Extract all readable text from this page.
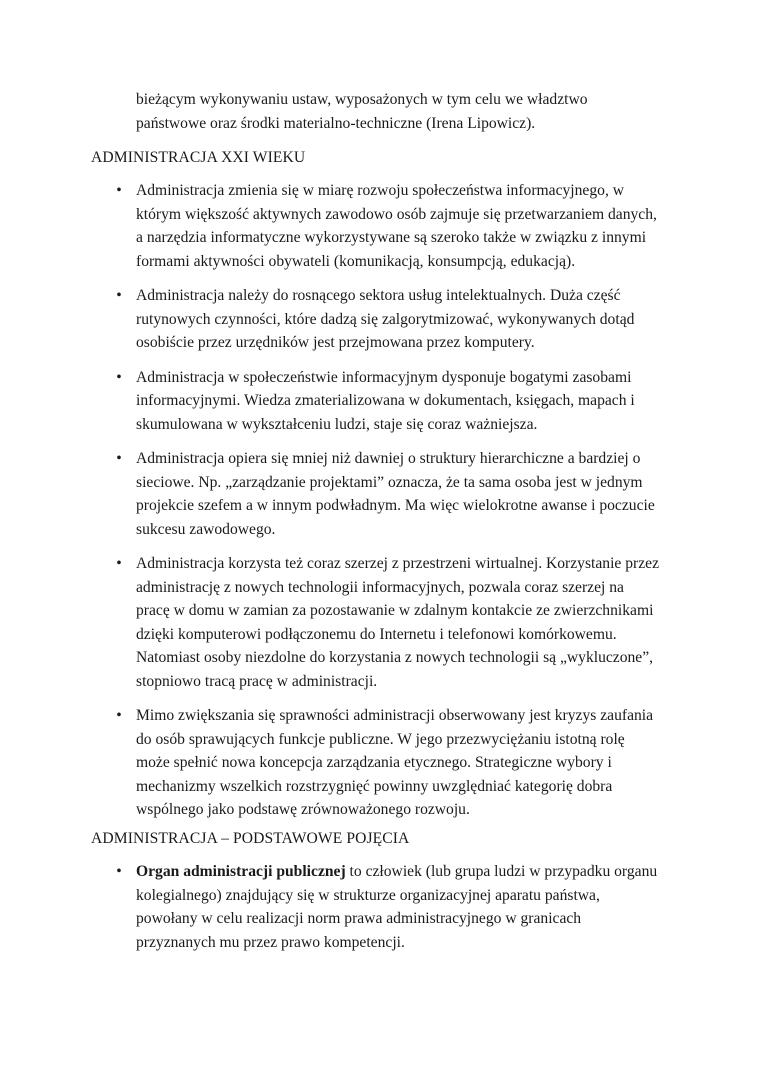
bieżącym wykonywaniu ustaw, wyposażonych w tym celu we władztwo państwowe oraz środki materialno-techniczne (Irena Lipowicz).

ADMINISTRACJA XXI WIEKU
• Administracja zmienia się w miarę rozwoju społeczeństwa informacyjnego, w którym większość aktywnych zawodowo osób zajmuje się przetwarzaniem danych, a narzędzia informatyczne wykorzystywane są szeroko także w związku z innymi formami aktywności obywateli (komunikacją, konsumpcją, edukacją).
• Administracja należy do rosnącego sektora usług intelektualnych. Duża część rutynowych czynności, które dadzą się zalgorytmizować, wykonywanych dotąd osobiście przez urzędników jest przejmowana przez komputery.
• Administracja w społeczeństwie informacyjnym dysponuje bogatymi zasobami informacyjnymi. Wiedza zmaterializowana w dokumentach, księgach, mapach i skumulowana w wykształceniu ludzi, staje się coraz ważniejsza.
• Administracja opiera się mniej niż dawniej o struktury hierarchiczne a bardziej o sieciowe. Np. „zarządzanie projektami” oznacza, że ta sama osoba jest w jednym projekcie szefem a w innym podwładnym. Ma więc wielokrotne awanse i poczucie sukcesu zawodowego.
• Administracja korzysta też coraz szerzej z przestrzeni wirtualnej. Korzystanie przez administrację z nowych technologii informacyjnych, pozwala coraz szerzej na pracę w domu w zamian za pozostawanie w zdalnym kontakcie ze zwierzchnikami dzięki komputerowi podłączonemu do Internetu i telefonowi komórkowemu. Natomiast osoby niezdolne do korzystania z nowych technologii są „wykluczone”, stopniowo tracą pracę w administracji.
• Mimo zwiększania się sprawności administracji obserwowany jest kryzys zaufania do osób sprawujących funkcje publiczne. W jego przezwyciężaniu istotną rolę może spełnić nowa koncepcja zarządzania etycznego. Strategiczne wybory i mechanizmy wszelkich rozstrzygnięć powinny uwzględniać kategorię dobra wspólnego jako podstawę zrównoważonego rozwoju.
ADMINISTRACJA – PODSTAWOWE POJĘCIA
• Organ administracji publicznej to człowiek (lub grupa ludzi w przypadku organu kolegialnego) znajdujący się w strukturze organizacyjnej aparatu państwa, powołany w celu realizacji norm prawa administracyjnego w granicach przyznanych mu przez prawo kompetencji.
